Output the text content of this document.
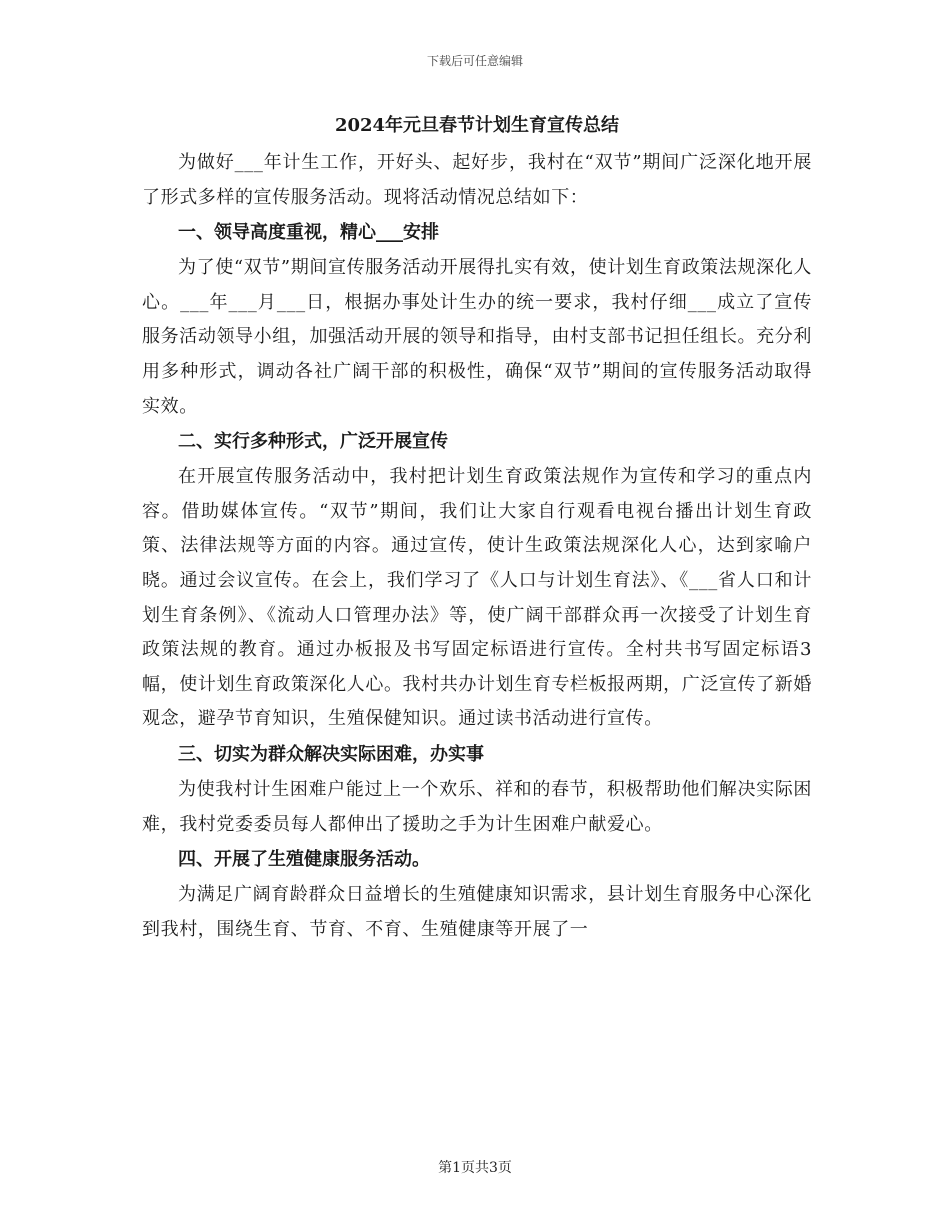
下载后可任意编辑
2024年元旦春节计划生育宣传总结

为做好___年计生工作，开好头、起好步，我村在“双节”期间广泛深化地开展了形式多样的宣传服务活动。现将活动情况总结如下：

一、领导高度重视，精心___安排

为了使“双节”期间宣传服务活动开展得扎实有效，使计划生育政策法规深化人心。___年___月___日，根据办事处计生办的统一要求，我村仔细___成立了宣传服务活动领导小组，加强活动开展的领导和指导，由村支部书记担任组长。充分利用多种形式，调动各社广阔干部的积极性，确保“双节”期间的宣传服务活动取得实效。

二、实行多种形式，广泛开展宣传

在开展宣传服务活动中，我村把计划生育政策法规作为宣传和学习的重点内容。借助媒体宣传。“双节”期间，我们让大家自行观看电视台播出计划生育政策、法律法规等方面的内容。通过宣传，使计生政策法规深化人心，达到家喻户晓。通过会议宣传。在会上，我们学习了《人口与计划生育法》、《___省人口和计划生育条例》、《流动人口管理办法》等，使广阔干部群众再一次接受了计划生育政策法规的教育。通过办板报及书写固定标语进行宣传。全村共书写固定标语3幅，使计划生育政策深化人心。我村共办计划生育专栏板报两期，广泛宣传了新婚观念，避孕节育知识，生殖保健知识。通过读书活动进行宣传。

三、切实为群众解决实际困难，办实事

为使我村计生困难户能过上一个欢乐、祥和的春节，积极帮助他们解决实际困难，我村党委委员每人都伸出了援助之手为计生困难户献爱心。

四、开展了生殖健康服务活动。

为满足广阔育龄群众日益增长的生殖健康知识需求，县计划生育服务中心深化到我村，围绕生育、节育、不育、生殖健康等开展了一

第1页共3页
